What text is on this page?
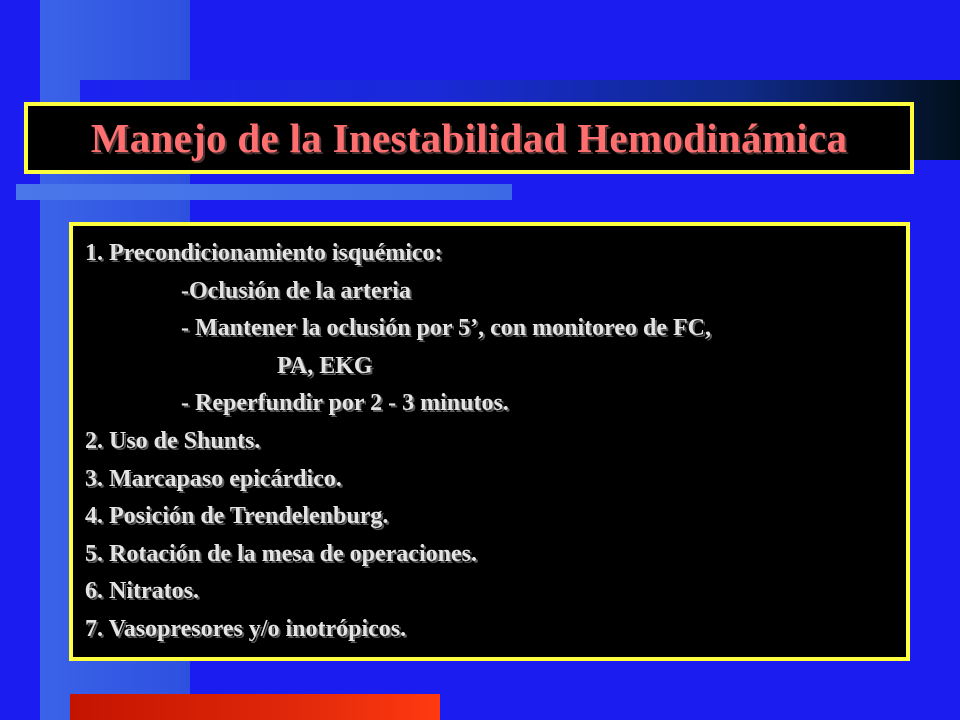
Manejo de la Inestabilidad Hemodinámica
1. Precondicionamiento isquémico:
-Oclusión de la arteria
- Mantener la oclusión por 5’, con monitoreo de FC,
PA, EKG
- Reperfundir por 2 - 3 minutos.
2. Uso de Shunts.
3. Marcapaso epicárdico.
4. Posición de Trendelenburg.
5. Rotación de la mesa de operaciones.
6. Nitratos.
7. Vasopresores y/o inotrópicos.
